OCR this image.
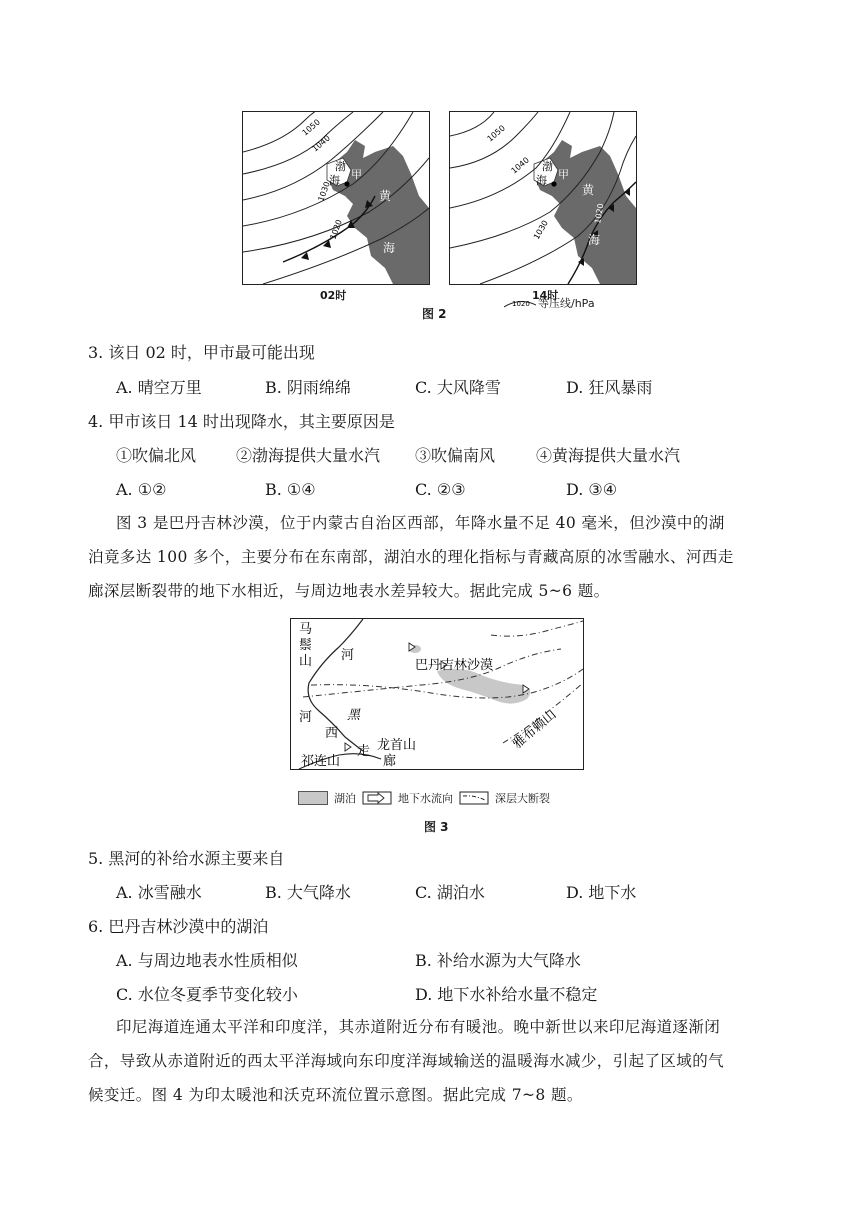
1050
1040
1030
1020
渤
海 甲
黄
海
02时
1050
1040
1030
1020
渤
海 甲
黄
海
14时
1020 等压线/hPa
图 2
3. 该日 02 时，甲市最可能出现
A. 晴空万里	B. 阴雨绵绵	C. 大风降雪	D. 狂风暴雨
4. 甲市该日 14 时出现降水，其主要原因是
①吹偏北风 ②渤海提供大量水汽 ③吹偏南风	④黄海提供大量水汽
A. ①②	B. ①④	C. ②③	D. ③④
图 3 是巴丹吉林沙漠，位于内蒙古自治区西部，年降水量不足 40 毫米，但沙漠中的湖
泊竟多达 100 多个，主要分布在东南部，湖泊水的理化指标与青藏高原的冰雪融水、河西走
廊深层断裂带的地下水相近，与周边地表水差异较大。据此完成 5~6 题。
马
鬃
山 河
巴丹吉林沙漠
河	黑
西
走
廊
祁连山
龙首山	雅布赖山
湖泊	地下水流向	深层大断裂
图 3
5. 黑河的补给水源主要来自
A. 冰雪融水	B. 大气降水	C. 湖泊水	D. 地下水
6. 巴丹吉林沙漠中的湖泊
A. 与周边地表水性质相似	B. 补给水源为大气降水
C. 水位冬夏季节变化较小	D. 地下水补给水量不稳定
印尼海道连通太平洋和印度洋，其赤道附近分布有暖池。晚中新世以来印尼海道逐渐闭
合，导致从赤道附近的西太平洋海域向东印度洋海域输送的温暖海水减少，引起了区域的气
候变迁。图 4 为印太暖池和沃克环流位置示意图。据此完成 7~8 题。
